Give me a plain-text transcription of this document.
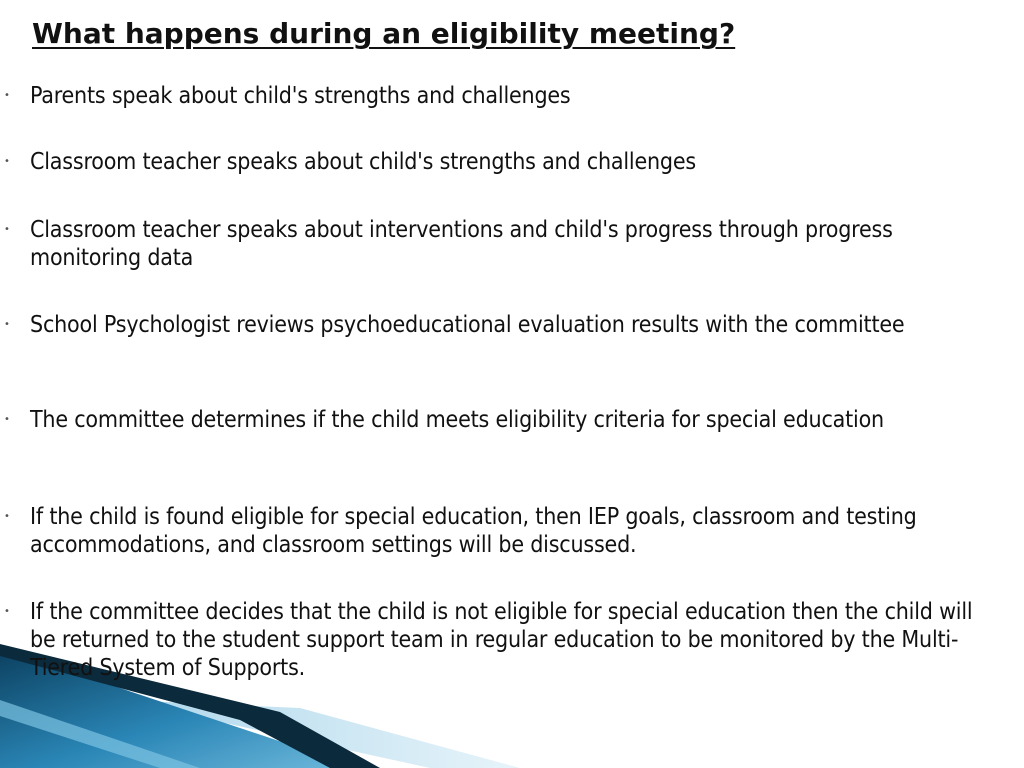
What happens during an eligibility meeting?
• Parents speak about child's strengths and challenges
• Classroom teacher speaks about child's strengths and challenges
• Classroom teacher speaks about interventions and child's progress through progress monitoring data
• School Psychologist reviews psychoeducational evaluation results with the committee
• The committee determines if the child meets eligibility criteria for special education
• If the child is found eligible for special education, then IEP goals, classroom and testing accommodations, and classroom settings will be discussed.
• If the committee decides that the child is not eligible for special education then the child will be returned to the student support team in regular education to be monitored by the Multi- Tiered System of Supports.
